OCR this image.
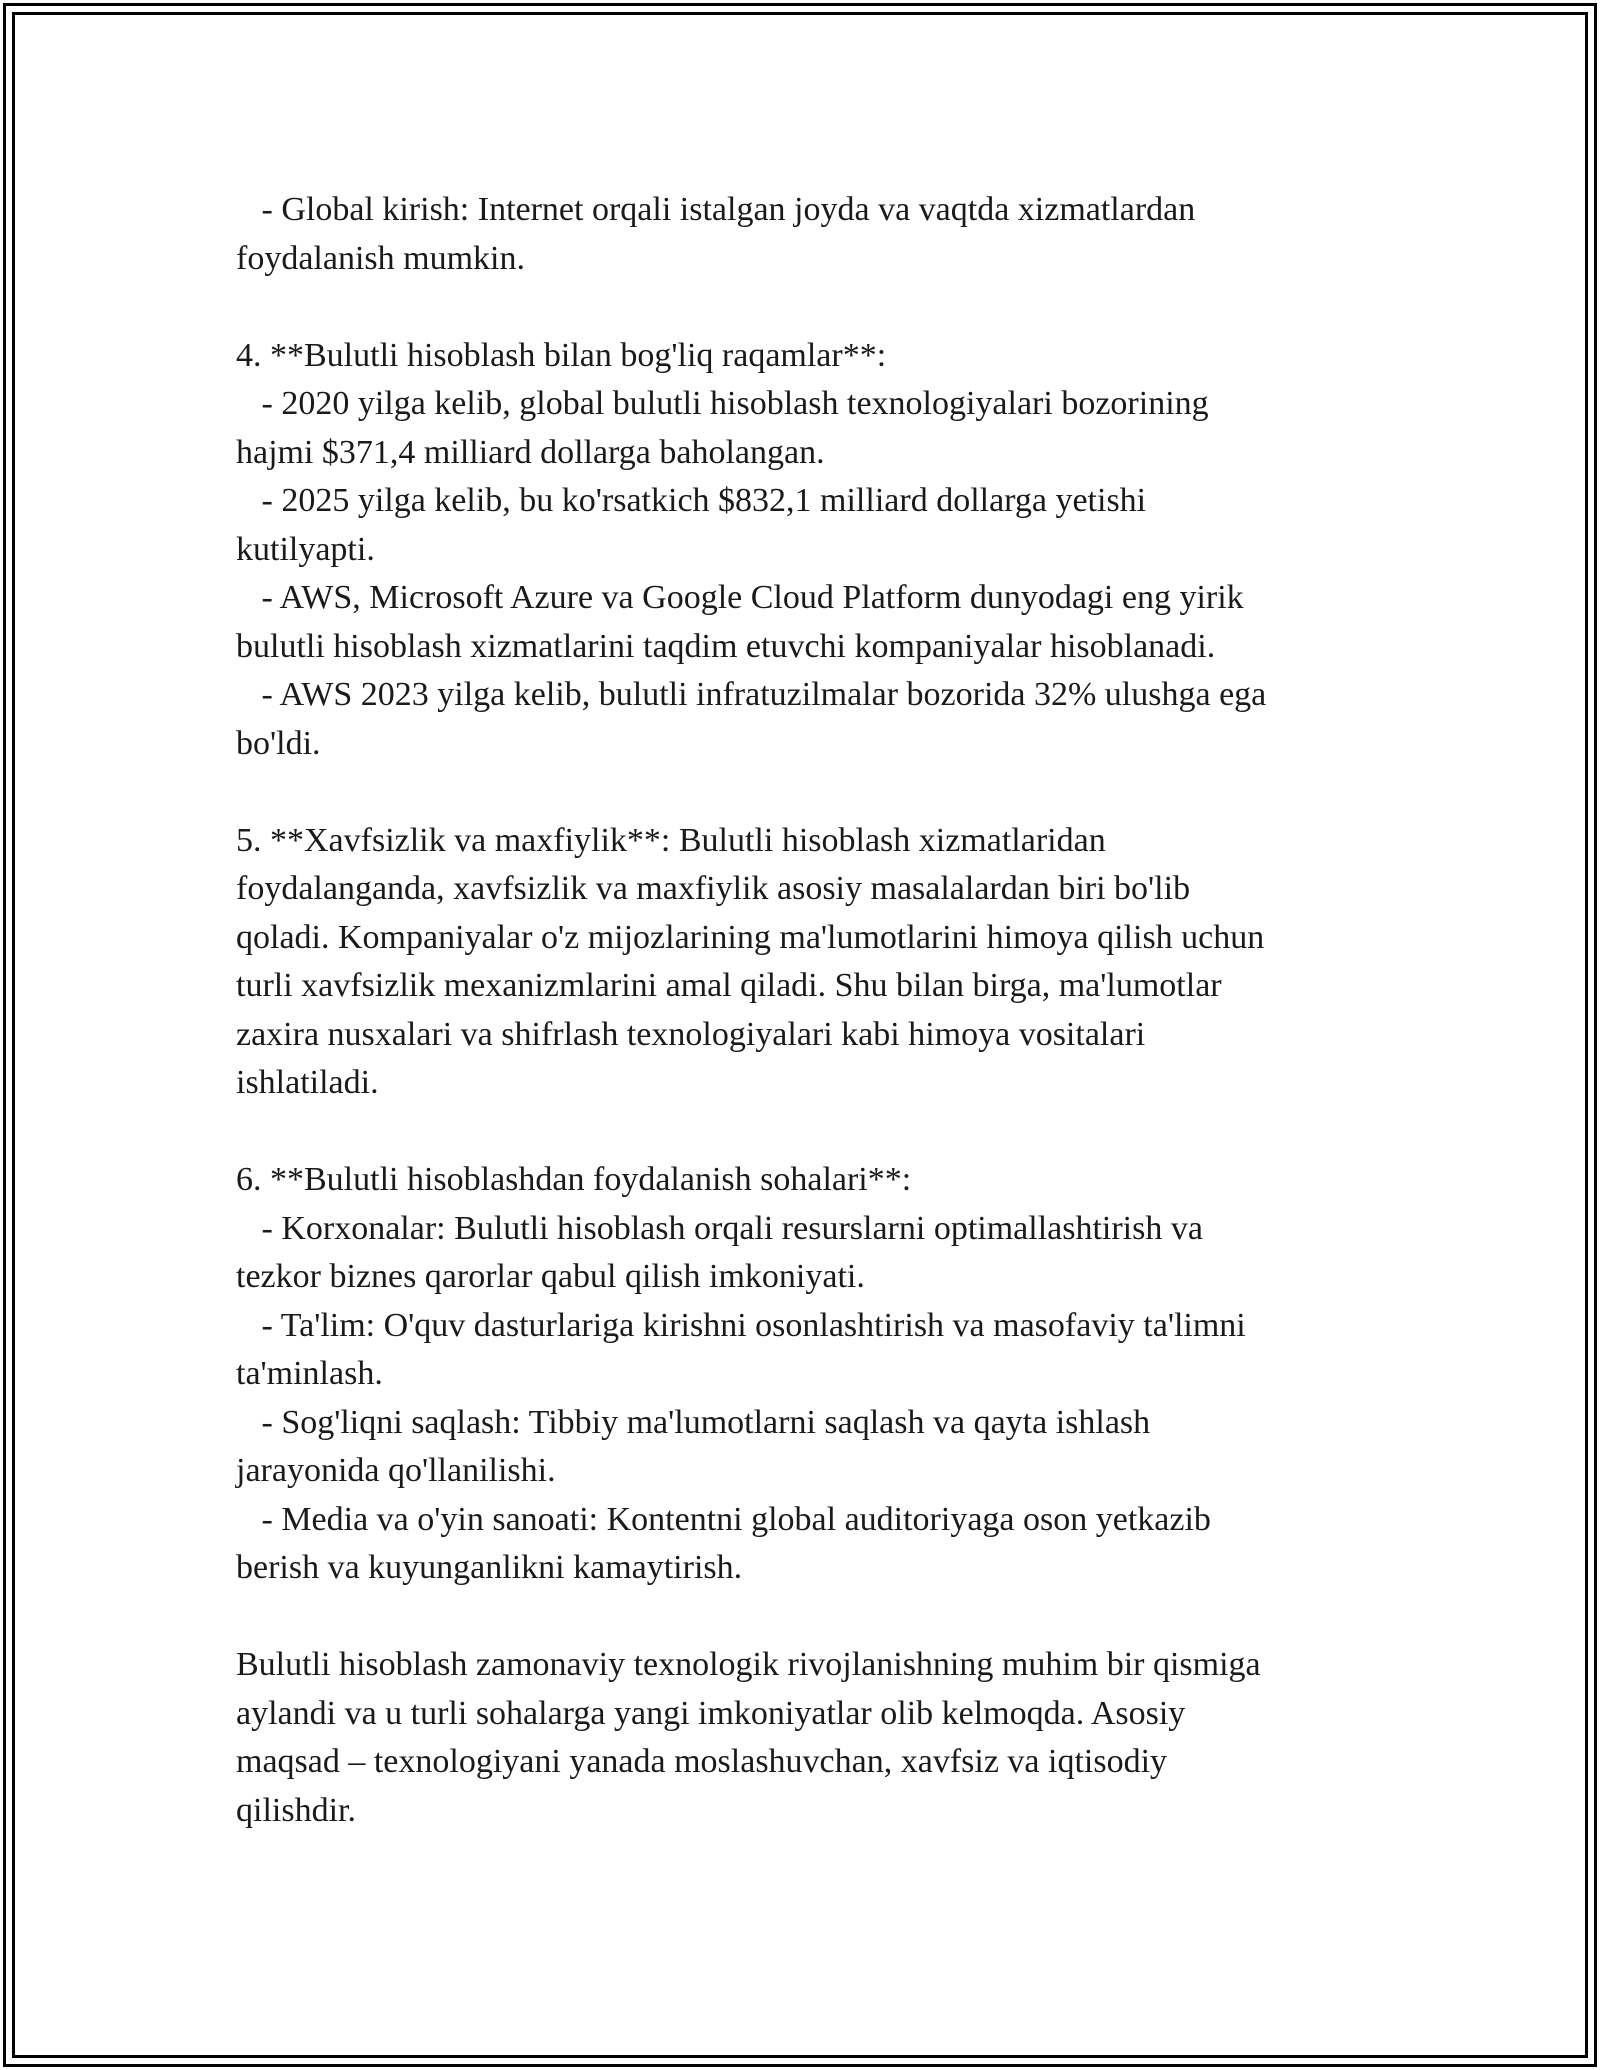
- Global kirish: Internet orqali istalgan joyda va vaqtda xizmatlardan
foydalanish mumkin.
4. **Bulutli hisoblash bilan bog'liq raqamlar**:
- 2020 yilga kelib, global bulutli hisoblash texnologiyalari bozorining
hajmi $371,4 milliard dollarga baholangan.
- 2025 yilga kelib, bu ko'rsatkich $832,1 milliard dollarga yetishi
kutilyapti.
- AWS, Microsoft Azure va Google Cloud Platform dunyodagi eng yirik
bulutli hisoblash xizmatlarini taqdim etuvchi kompaniyalar hisoblanadi.
- AWS 2023 yilga kelib, bulutli infratuzilmalar bozorida 32% ulushga ega
bo'ldi.
5. **Xavfsizlik va maxfiylik**: Bulutli hisoblash xizmatlaridan
foydalanganda, xavfsizlik va maxfiylik asosiy masalalardan biri bo'lib
qoladi. Kompaniyalar o'z mijozlarining ma'lumotlarini himoya qilish uchun
turli xavfsizlik mexanizmlarini amal qiladi. Shu bilan birga, ma'lumotlar
zaxira nusxalari va shifrlash texnologiyalari kabi himoya vositalari
ishlatiladi.
6. **Bulutli hisoblashdan foydalanish sohalari**:
- Korxonalar: Bulutli hisoblash orqali resurslarni optimallashtirish va
tezkor biznes qarorlar qabul qilish imkoniyati.
- Ta'lim: O'quv dasturlariga kirishni osonlashtirish va masofaviy ta'limni
ta'minlash.
- Sog'liqni saqlash: Tibbiy ma'lumotlarni saqlash va qayta ishlash
jarayonida qo'llanilishi.
- Media va o'yin sanoati: Kontentni global auditoriyaga oson yetkazib
berish va kuyunganlikni kamaytirish.
Bulutli hisoblash zamonaviy texnologik rivojlanishning muhim bir qismiga
aylandi va u turli sohalarga yangi imkoniyatlar olib kelmoqda. Asosiy
maqsad – texnologiyani yanada moslashuvchan, xavfsiz va iqtisodiy
qilishdir.
